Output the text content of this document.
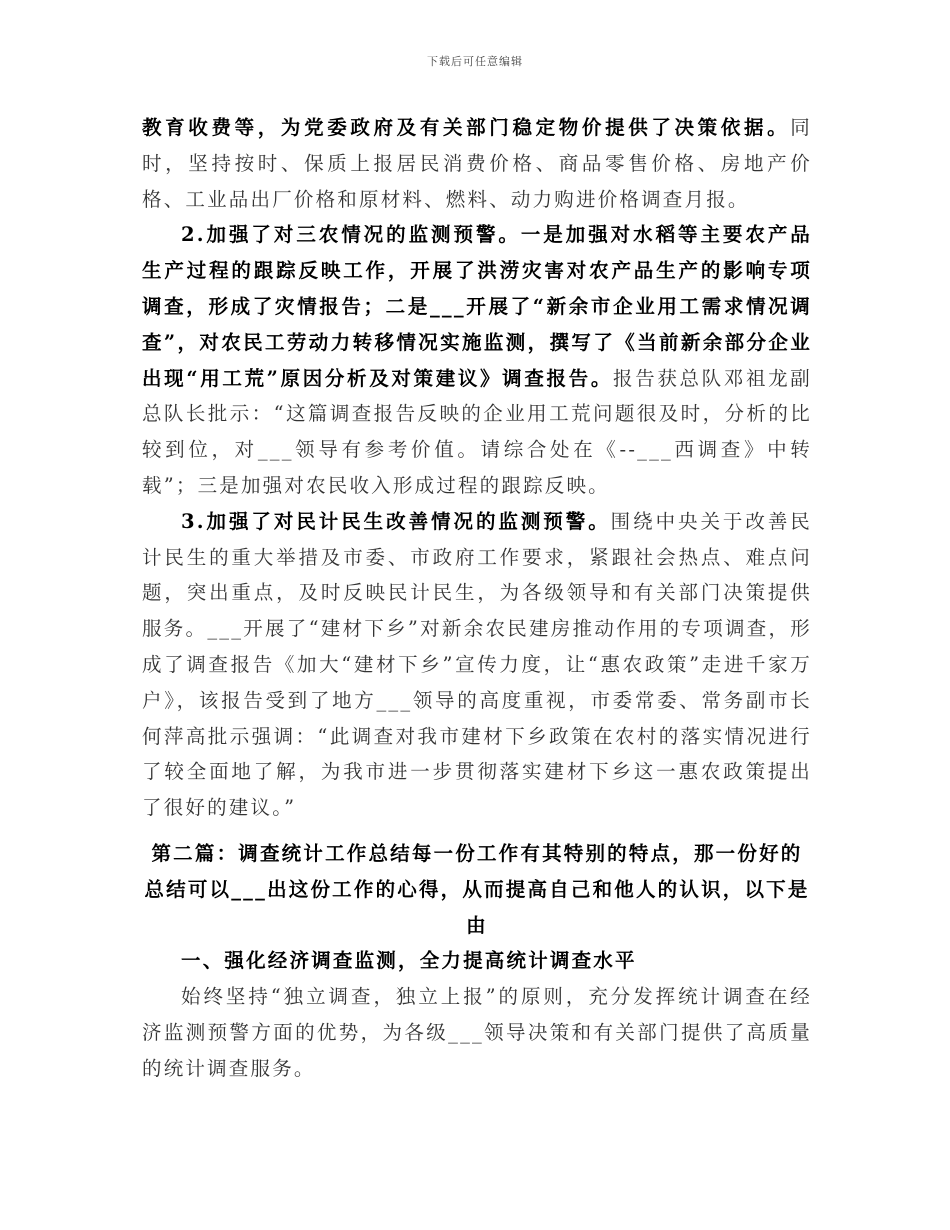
下载后可任意编辑

教育收费等，为党委政府及有关部门稳定物价提供了决策依据。同时，坚持按时、保质上报居民消费价格、商品零售价格、房地产价格、工业品出厂价格和原材料、燃料、动力购进价格调查月报。

2.加强了对三农情况的监测预警。一是加强对水稻等主要农产品生产过程的跟踪反映工作，开展了洪涝灾害对农产品生产的影响专项调查，形成了灾情报告；二是___开展了“新余市企业用工需求情况调查”，对农民工劳动力转移情况实施监测，撰写了《当前新余部分企业出现“用工荒”原因分析及对策建议》调查报告。报告获总队邓祖龙副总队长批示：“这篇调查报告反映的企业用工荒问题很及时，分析的比较到位，对___领导有参考价值。请综合处在《--___西调查》中转载”；三是加强对农民收入形成过程的跟踪反映。

3.加强了对民计民生改善情况的监测预警。围绕中央关于改善民计民生的重大举措及市委、市政府工作要求，紧跟社会热点、难点问题，突出重点，及时反映民计民生，为各级领导和有关部门决策提供服务。___开展了“建材下乡”对新余农民建房推动作用的专项调查，形成了调查报告《加大“建材下乡”宣传力度，让“惠农政策”走进千家万户》，该报告受到了地方___领导的高度重视，市委常委、常务副市长何萍高批示强调：“此调查对我市建材下乡政策在农村的落实情况进行了较全面地了解，为我市进一步贯彻落实建材下乡这一惠农政策提出了很好的建议。”

第二篇：调查统计工作总结每一份工作有其特别的特点，那一份好的总结可以___出这份工作的心得，从而提高自己和他人的认识，以下是由

一、强化经济调查监测，全力提高统计调查水平

始终坚持“独立调查，独立上报”的原则，充分发挥统计调查在经济监测预警方面的优势，为各级___领导决策和有关部门提供了高质量的统计调查服务。
